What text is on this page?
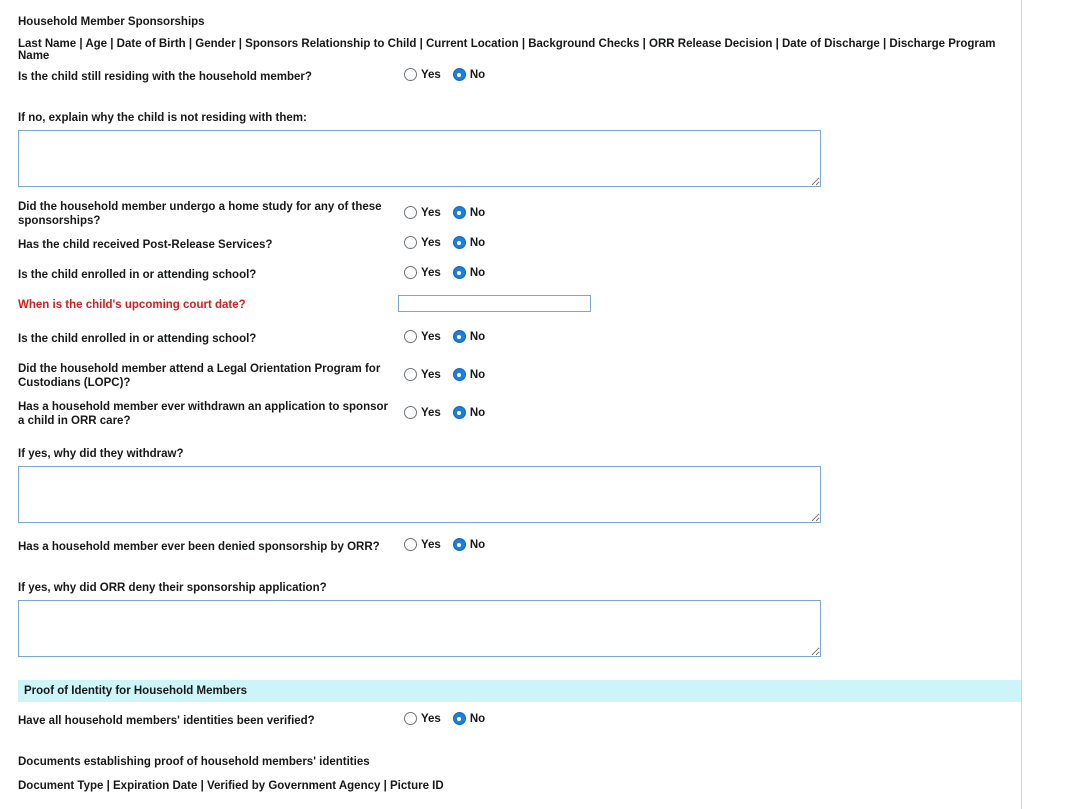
Household Member Sponsorships
Last Name | Age | Date of Birth | Gender | Sponsors Relationship to Child | Current Location | Background Checks | ORR Release Decision | Date of Discharge | Discharge Program Name
Is the child still residing with the household member?	Yes	No
If no, explain why the child is not residing with them:
Did the household member undergo a home study for any of these sponsorships?
Yes	No
Has the child received Post-Release Services?	Yes	No
Is the child enrolled in or attending school?	Yes	No
When is the child's upcoming court date?
Is the child enrolled in or attending school?	Yes	No
Did the household member attend a Legal Orientation Program for Custodians (LOPC)?
Yes	No
Has a household member ever withdrawn an application to sponsor a child in ORR care?
Yes	No
If yes, why did they withdraw?
Has a household member ever been denied sponsorship by ORR?	Yes	No
If yes, why did ORR deny their sponsorship application?
Proof of Identity for Household Members
Have all household members' identities been verified?	Yes	No
Documents establishing proof of household members' identities
Document Type | Expiration Date | Verified by Government Agency | Picture ID
